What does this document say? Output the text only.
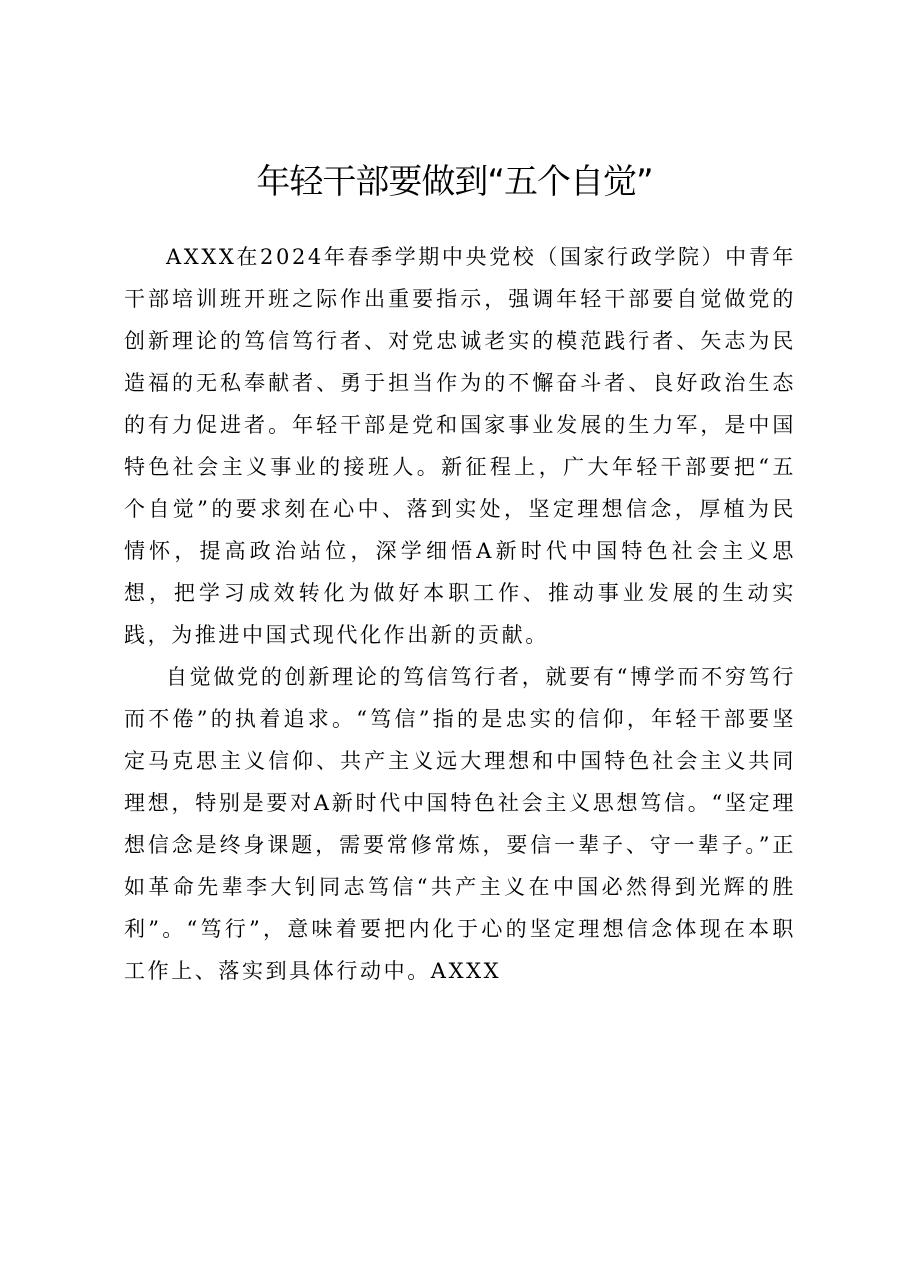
年轻干部要做到“五个自觉”

AXXX在2024年春季学期中央党校（国家行政学院）中青年干部培训班开班之际作出重要指示，强调年轻干部要自觉做党的创新理论的笃信笃行者、对党忠诚老实的模范践行者、矢志为民造福的无私奉献者、勇于担当作为的不懈奋斗者、良好政治生态的有力促进者。年轻干部是党和国家事业发展的生力军，是中国特色社会主义事业的接班人。新征程上，广大年轻干部要把“五个自觉”的要求刻在心中、落到实处，坚定理想信念，厚植为民情怀，提高政治站位，深学细悟A新时代中国特色社会主义思想，把学习成效转化为做好本职工作、推动事业发展的生动实践，为推进中国式现代化作出新的贡献。

自觉做党的创新理论的笃信笃行者，就要有“博学而不穷笃行而不倦”的执着追求。“笃信”指的是忠实的信仰，年轻干部要坚定马克思主义信仰、共产主义远大理想和中国特色社会主义共同理想，特别是要对A新时代中国特色社会主义思想笃信。“坚定理想信念是终身课题，需要常修常炼，要信一辈子、守一辈子。”正如革命先辈李大钊同志笃信“共产主义在中国必然得到光辉的胜利”。“笃行”，意味着要把内化于心的坚定理想信念体现在本职工作上、落实到具体行动中。AXXX
